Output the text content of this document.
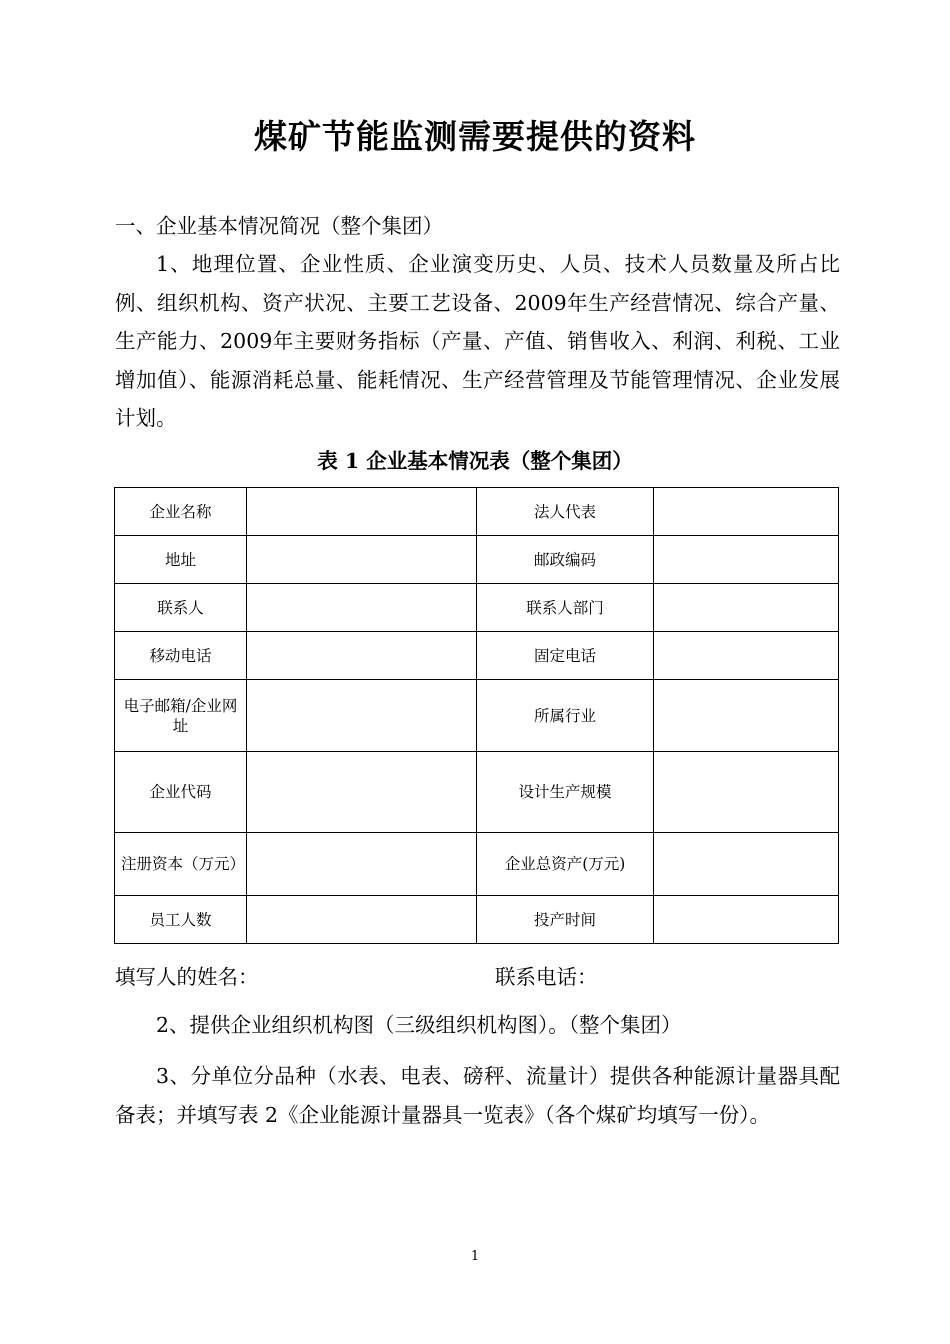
煤矿节能监测需要提供的资料
一、企业基本情况简况（整个集团）
1、地理位置、企业性质、企业演变历史、人员、技术人员数量及所占比例、组织机构、资产状况、主要工艺设备、2009年生产经营情况、综合产量、生产能力、2009年主要财务指标（产量、产值、销售收入、利润、利税、工业增加值）、能源消耗总量、能耗情况、生产经营管理及节能管理情况、企业发展计划。
表 1 企业基本情况表（整个集团）
企业名称		法人代表	
地址		邮政编码	
联系人		联系人部门	
移动电话		固定电话	
电子邮箱/企业网址		所属行业	
企业代码		设计生产规模	
注册资本（万元）		企业总资产(万元)	
员工人数		投产时间	
填写人的姓名：	联系电话：
2、提供企业组织机构图（三级组织机构图）。（整个集团）
3、分单位分品种（水表、电表、磅秤、流量计）提供各种能源计量器具配备表；并填写表 2《企业能源计量器具一览表》（各个煤矿均填写一份）。
1
